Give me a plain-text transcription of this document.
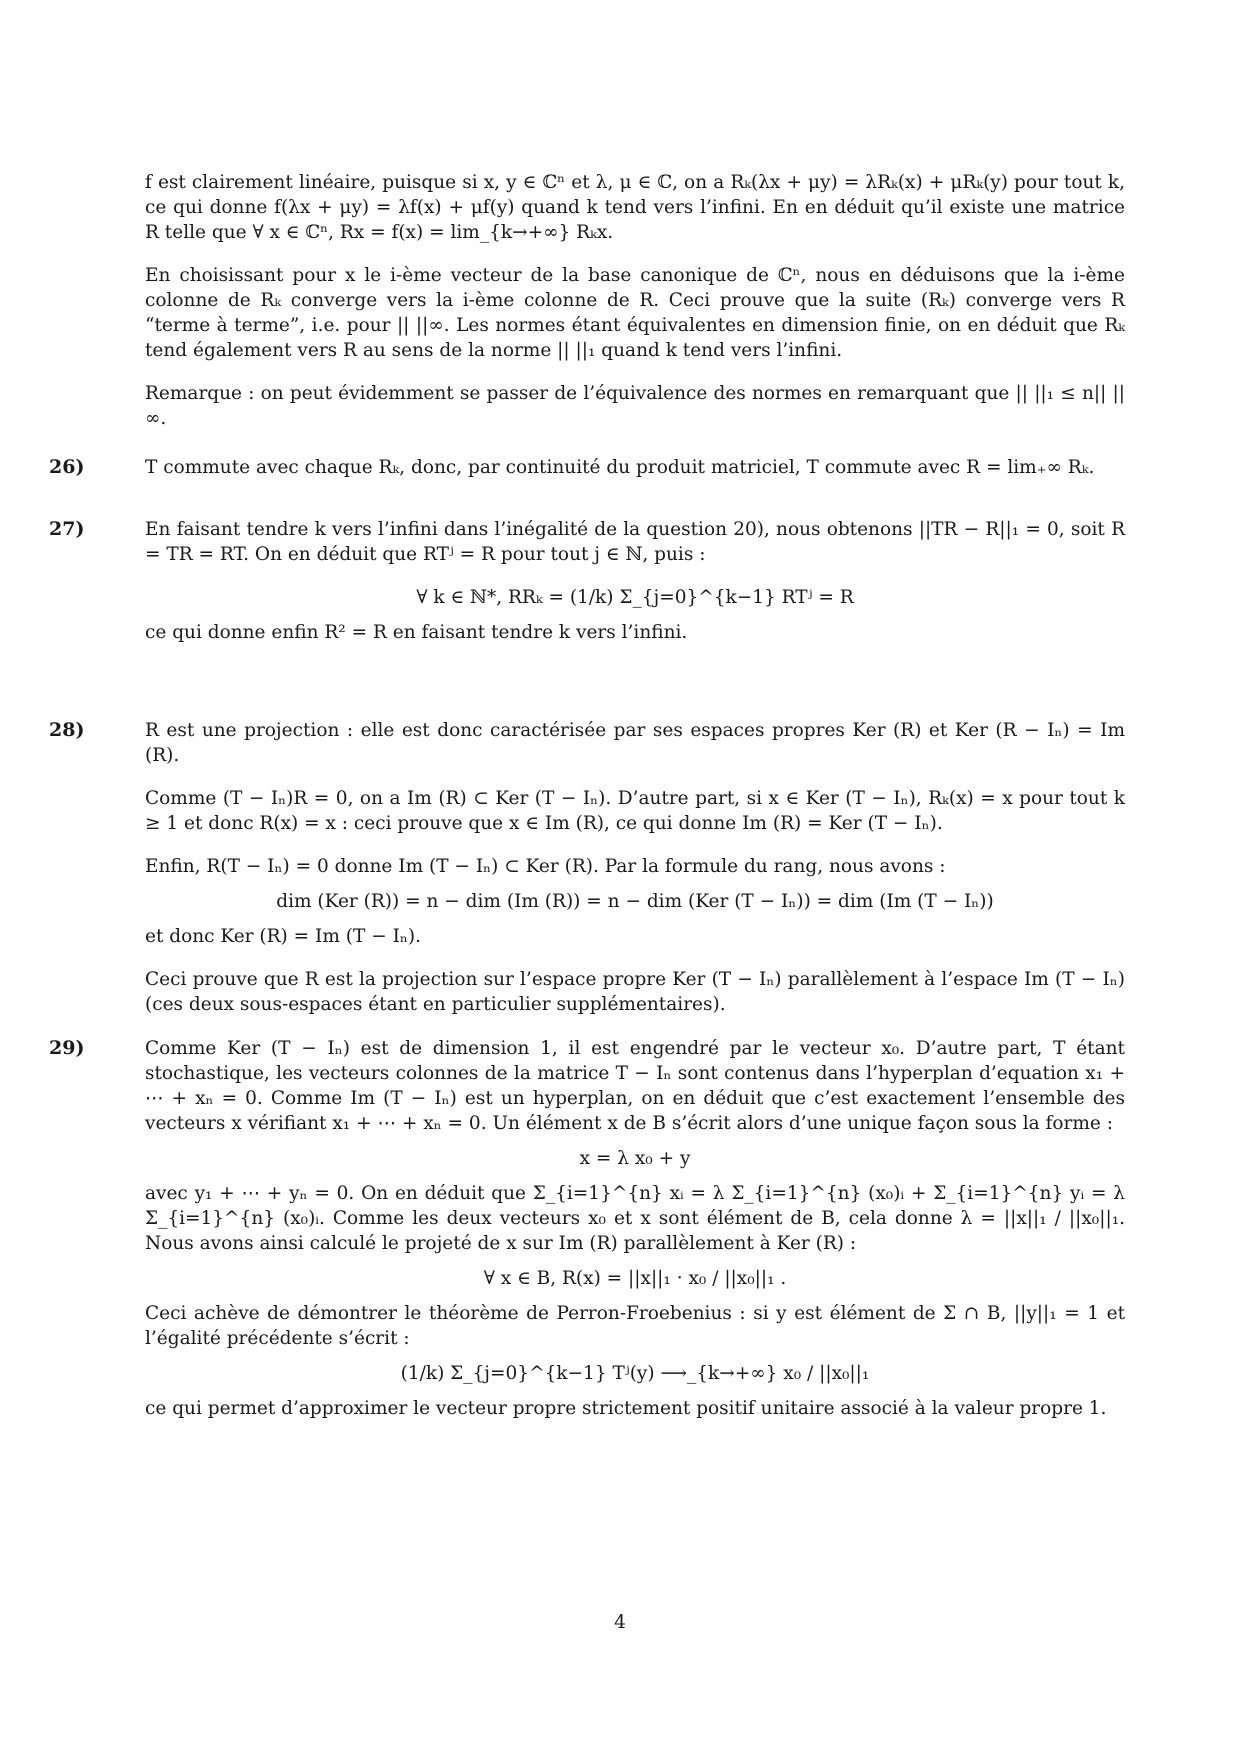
f est clairement linéaire, puisque si x, y ∈ ℂⁿ et λ, μ ∈ ℂ, on a Rₖ(λx + μy) = λRₖ(x) + μRₖ(y) pour tout k, ce qui donne f(λx + μy) = λf(x) + μf(y) quand k tend vers l’infini. En en déduit qu’il existe une matrice R telle que ∀ x ∈ ℂⁿ, Rx = f(x) = lim_{k→+∞} Rₖx.

En choisissant pour x le i-ème vecteur de la base canonique de ℂⁿ, nous en déduisons que la i-ème colonne de Rₖ converge vers la i-ème colonne de R. Ceci prouve que la suite (Rₖ) converge vers R “terme à terme”, i.e. pour || ||∞. Les normes étant équivalentes en dimension finie, on en déduit que Rₖ tend également vers R au sens de la norme || ||₁ quand k tend vers l’infini.

Remarque : on peut évidemment se passer de l’équivalence des normes en remarquant que || ||₁ ≤ n|| ||∞.

26)	T commute avec chaque Rₖ, donc, par continuité du produit matriciel, T commute avec R = lim₊∞ Rₖ.

27)	En faisant tendre k vers l’infini dans l’inégalité de la question 20), nous obtenons ||TR − R||₁ = 0, soit R = TR = RT. On en déduit que RTʲ = R pour tout j ∈ ℕ, puis :

∀ k ∈ ℕ*, RRₖ = (1/k) Σ_{j=0}^{k−1} RTʲ = R

ce qui donne enfin R² = R en faisant tendre k vers l’infini.

28)	R est une projection : elle est donc caractérisée par ses espaces propres Ker (R) et Ker (R − Iₙ) = Im (R).

Comme (T − Iₙ)R = 0, on a Im (R) ⊂ Ker (T − Iₙ). D’autre part, si x ∈ Ker (T − Iₙ), Rₖ(x) = x pour tout k ≥ 1 et donc R(x) = x : ceci prouve que x ∈ Im (R), ce qui donne Im (R) = Ker (T − Iₙ).

Enfin, R(T − Iₙ) = 0 donne Im (T − Iₙ) ⊂ Ker (R). Par la formule du rang, nous avons :

dim (Ker (R)) = n − dim (Im (R)) = n − dim (Ker (T − Iₙ)) = dim (Im (T − Iₙ))

et donc Ker (R) = Im (T − Iₙ).

Ceci prouve que R est la projection sur l’espace propre Ker (T − Iₙ) parallèlement à l’espace Im (T − Iₙ) (ces deux sous-espaces étant en particulier supplémentaires).

29)	Comme Ker (T − Iₙ) est de dimension 1, il est engendré par le vecteur x₀. D’autre part, T étant stochastique, les vecteurs colonnes de la matrice T − Iₙ sont contenus dans l’hyperplan d’equation x₁ + ⋯ + xₙ = 0. Comme Im (T − Iₙ) est un hyperplan, on en déduit que c’est exactement l’ensemble des vecteurs x vérifiant x₁ + ⋯ + xₙ = 0. Un élément x de B s’écrit alors d’une unique façon sous la forme :

x = λ x₀ + y

avec y₁ + ⋯ + yₙ = 0. On en déduit que Σ_{i=1}^{n} xᵢ = λ Σ_{i=1}^{n} (x₀)ᵢ + Σ_{i=1}^{n} yᵢ = λ Σ_{i=1}^{n} (x₀)ᵢ. Comme les deux vecteurs x₀ et x sont élément de B, cela donne λ = ||x||₁ / ||x₀||₁. Nous avons ainsi calculé le projeté de x sur Im (R) parallèlement à Ker (R) :

∀ x ∈ B, R(x) = ||x||₁ · x₀ / ||x₀||₁ .

Ceci achève de démontrer le théorème de Perron-Froebenius : si y est élément de Σ ∩ B, ||y||₁ = 1 et l’égalité précédente s’écrit :

(1/k) Σ_{j=0}^{k−1} Tʲ(y) ⟶_{k→+∞} x₀ / ||x₀||₁

ce qui permet d’approximer le vecteur propre strictement positif unitaire associé à la valeur propre 1.

4
